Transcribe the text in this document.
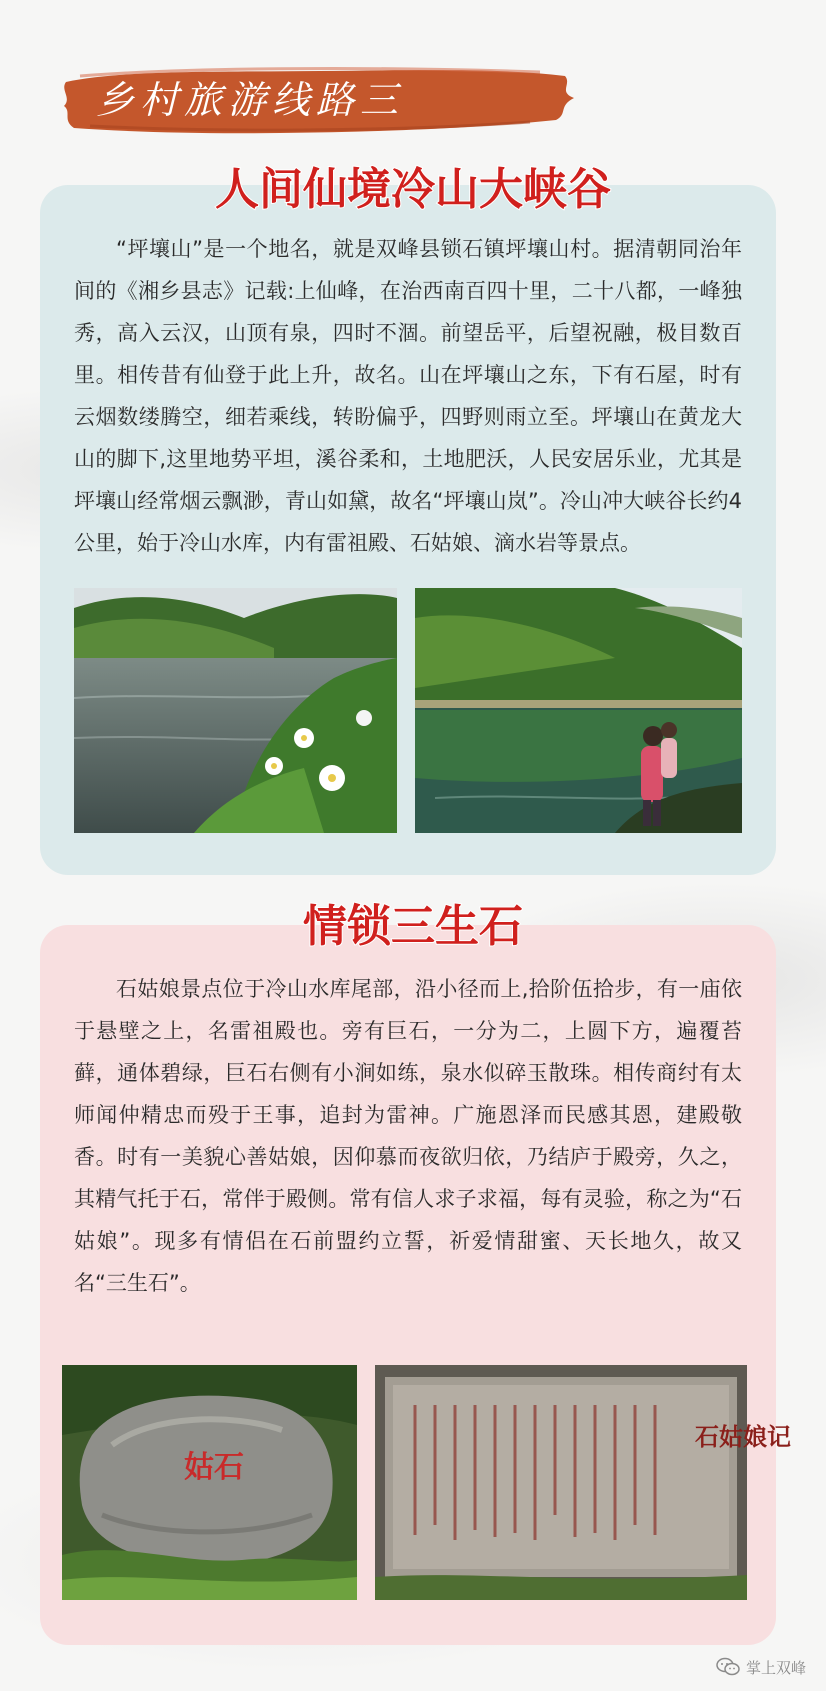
乡村旅游线路三
人间仙境冷山大峡谷

“坪壤山”是一个地名，就是双峰县锁石镇坪壤山村。据清朝同治年间的《湘乡县志》记载:上仙峰，在治西南百四十里，二十八都，一峰独秀，高入云汉，山顶有泉，四时不涸。前望岳平，后望祝融，极目数百里。相传昔有仙登于此上升，故名。山在坪壤山之东，下有石屋，时有云烟数缕腾空，细若乘线，转盼偏乎，四野则雨立至。坪壤山在黄龙大山的脚下,这里地势平坦，溪谷柔和，土地肥沃，人民安居乐业，尤其是坪壤山经常烟云飘渺，青山如黛，故名“坪壤山岚”。冷山冲大峡谷长约4公里，始于冷山水库，内有雷祖殿、石姑娘、滴水岩等景点。

情锁三生石

石姑娘景点位于冷山水库尾部，沿小径而上,拾阶伍拾步，有一庙依于悬壁之上，名雷祖殿也。旁有巨石，一分为二，上圆下方，遍覆苔藓，通体碧绿，巨石右侧有小涧如练，泉水似碎玉散珠。相传商纣有太师闻仲精忠而殁于王事，追封为雷神。广施恩泽而民感其恩，建殿敬香。时有一美貌心善姑娘，因仰慕而夜欲归依，乃结庐于殿旁，久之，其精气托于石，常伴于殿侧。常有信人求子求福，每有灵验，称之为“石姑娘”。现多有情侣在石前盟约立誓，祈爱情甜蜜、天长地久，故又名“三生石”。

姑石
石姑娘记
掌上双峰
